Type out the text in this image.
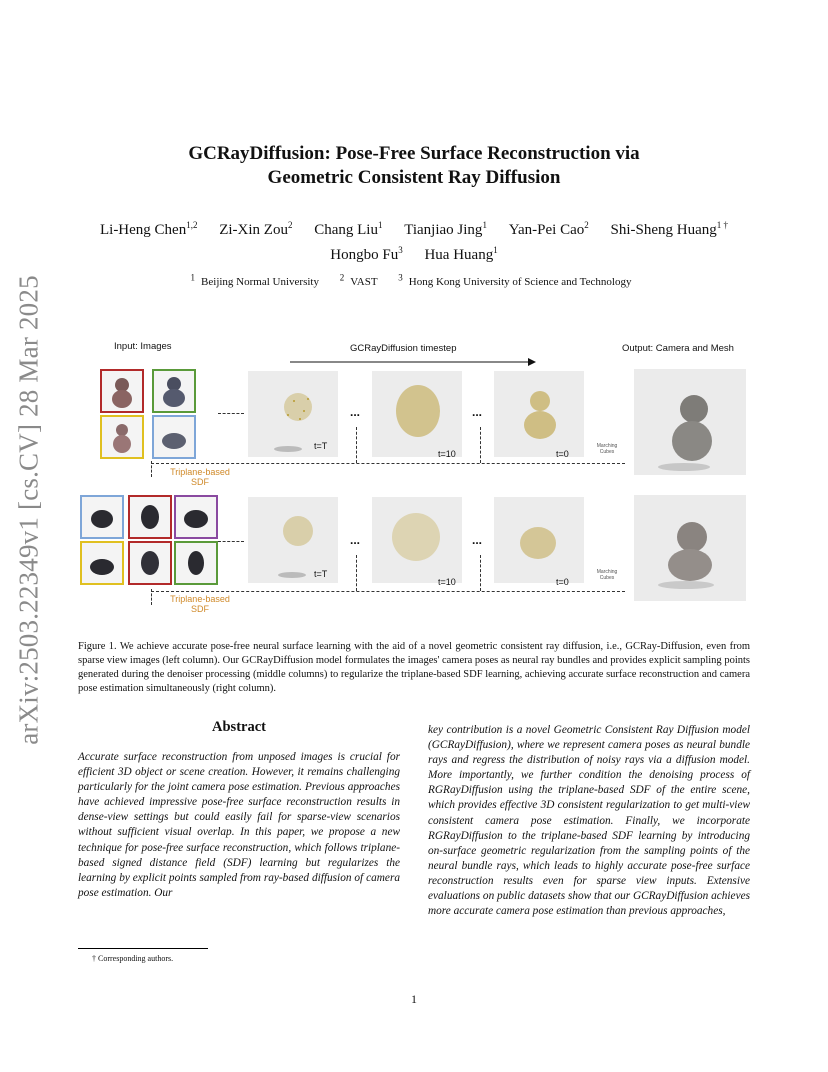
arXiv:2503.22349v1 [cs.CV] 28 Mar 2025
GCRayDiffusion: Pose-Free Surface Reconstruction via
Geometric Consistent Ray Diffusion
Li-Heng Chen$^{1,2}$ Zi-Xin Zou$^2$ Chang Liu$^1$ Tianjiao Jing$^1$ Yan-Pei Cao$^2$ Shi-Sheng Huang$^{1 \dagger}$
Hongbo Fu$^3$ Hua Huang$^1$
$^1$ Beijing Normal University $^2$ VAST $^3$ Hong Kong University of Science and Technology
Input: Images	GCRayDiffusion timestep	Output: Camera and Mesh
t=T
...
t=10
...
t=0
Marching
Cubes
Triplane-based
SDF
t=T
...
t=10
...
t=0
Marching
Cubes
Triplane-based
SDF
Figure 1. We achieve accurate pose-free neural surface learning with the aid of a novel geometric consistent ray diffusion, i.e., GCRay-Diffusion, even from sparse view images (left column). Our GCRayDiffusion model formulates the images' camera poses as neural ray bundles and provides explicit sampling points generated during the denoiser processing (middle columns) to regularize the triplane-based SDF learning, achieving accurate surface reconstruction and camera pose estimation simultaneously (right column).
Abstract

Accurate surface reconstruction from unposed images is crucial for efficient 3D object or scene creation. However, it remains challenging particularly for the joint camera pose estimation. Previous approaches have achieved impressive pose-free surface reconstruction results in dense-view settings but could easily fail for sparse-view scenarios without sufficient visual overlap. In this paper, we propose a new technique for pose-free surface reconstruction, which follows triplane-based signed distance field (SDF) learning but regularizes the learning by explicit points sampled from ray-based diffusion of camera pose estimation. Our

key contribution is a novel Geometric Consistent Ray Diffusion model (GCRayDiffusion), where we represent camera poses as neural bundle rays and regress the distribution of noisy rays via a diffusion model. More importantly, we further condition the denoising process of RGRayDiffusion using the triplane-based SDF of the entire scene, which provides effective 3D consistent regularization to get multi-view consistent camera pose estimation. Finally, we incorporate RGRayDiffusion to the triplane-based SDF learning by introducing on-surface geometric regularization from the sampling points of the neural bundle rays, which leads to highly accurate pose-free surface reconstruction results even for sparse view inputs. Extensive evaluations on public datasets show that our GCRayDiffusion achieves more accurate camera pose estimation than previous approaches,

† Corresponding authors.
1
